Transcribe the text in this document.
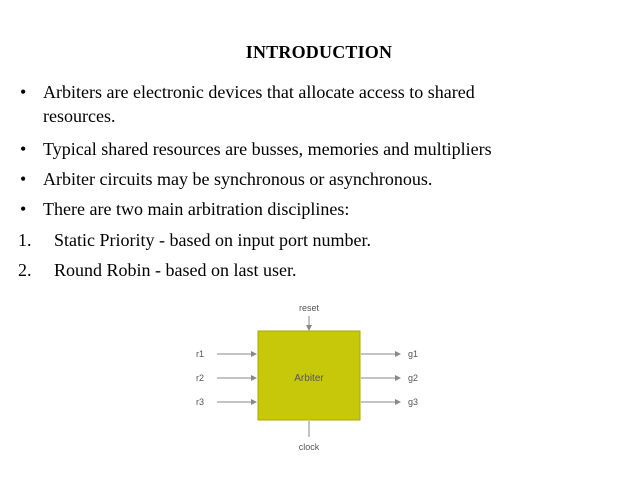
INTRODUCTION
• Arbiters are electronic devices that allocate access to shared
resources.
• Typical shared resources are busses, memories and multipliers
• Arbiter circuits may be synchronous or asynchronous.
• There are two main arbitration disciplines:
1. Static Priority - based on input port number.
2. Round Robin - based on last user.
Arbiter
reset
clock
r1
r2
r3
g1
g2
g3
